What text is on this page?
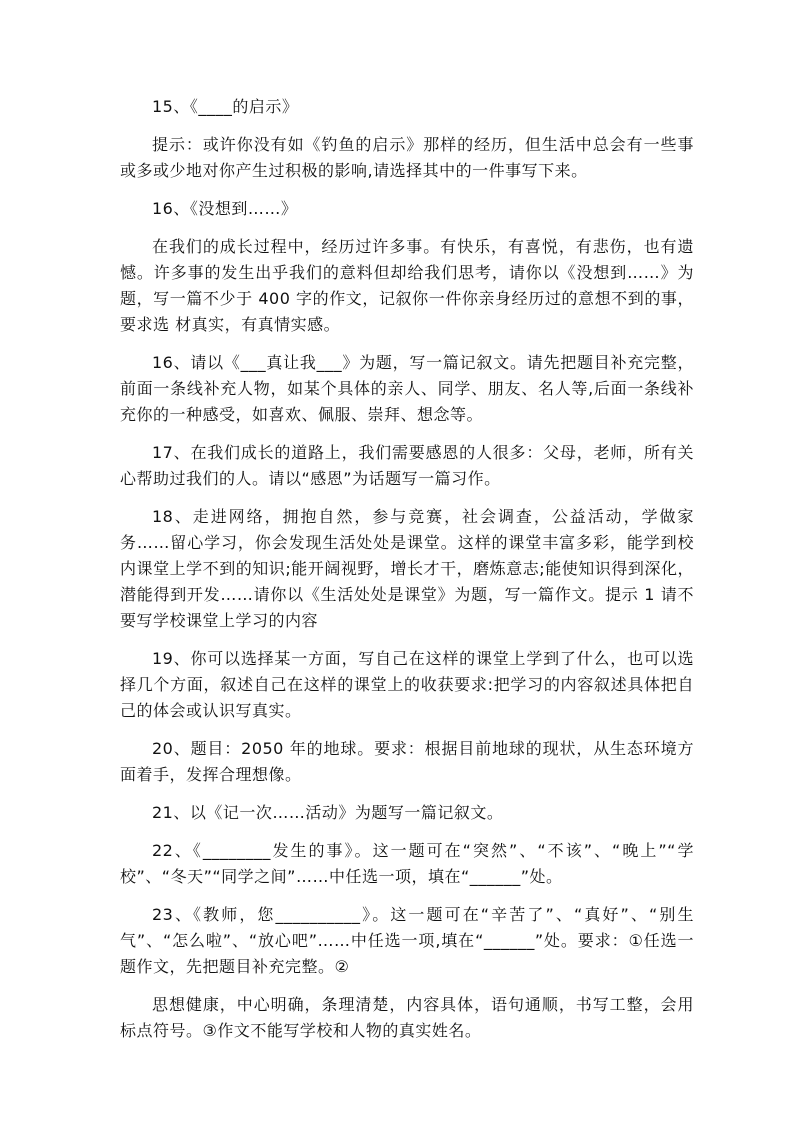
15、《____的启示》

提示：或许你没有如《钓鱼的启示》那样的经历，但生活中总会有一些事或多或少地对你产生过积极的影响,请选择其中的一件事写下来。

16、《没想到……》

在我们的成长过程中，经历过许多事。有快乐，有喜悦，有悲伤，也有遗憾。许多事的发生出乎我们的意料但却给我们思考，请你以《没想到……》为题，写一篇不少于 400 字的作文，记叙你一件你亲身经历过的意想不到的事，要求选 材真实，有真情实感。

16、请以《___真让我___》为题，写一篇记叙文。请先把题目补充完整，前面一条线补充人物，如某个具体的亲人、同学、朋友、名人等,后面一条线补充你的一种感受，如喜欢、佩服、崇拜、想念等。

17、在我们成长的道路上，我们需要感恩的人很多：父母，老师，所有关心帮助过我们的人。请以“感恩”为话题写一篇习作。

18、走进网络，拥抱自然，参与竞赛，社会调查，公益活动，学做家务……留心学习，你会发现生活处处是课堂。这样的课堂丰富多彩，能学到校内课堂上学不到的知识;能开阔视野，增长才干，磨炼意志;能使知识得到深化，潜能得到开发……请你以《生活处处是课堂》为题，写一篇作文。提示 1 请不要写学校课堂上学习的内容

19、你可以选择某一方面，写自己在这样的课堂上学到了什么，也可以选择几个方面，叙述自己在这样的课堂上的收获要求:把学习的内容叙述具体把自己的体会或认识写真实。

20、题目：2050 年的地球。要求：根据目前地球的现状，从生态环境方面着手，发挥合理想像。

21、以《记一次……活动》为题写一篇记叙文。

22、《________发生的事》。这一题可在“突然”、“不该”、“晚上”“学校”、“冬天”“同学之间”……中任选一项，填在“______”处。

23、《教师，您__________》。这一题可在“辛苦了”、“真好”、“别生气”、“怎么啦”、“放心吧”……中任选一项,填在“______”处。要求：①任选一题作文，先把题目补充完整。②

思想健康，中心明确，条理清楚，内容具体，语句通顺，书写工整，会用标点符号。③作文不能写学校和人物的真实姓名。
